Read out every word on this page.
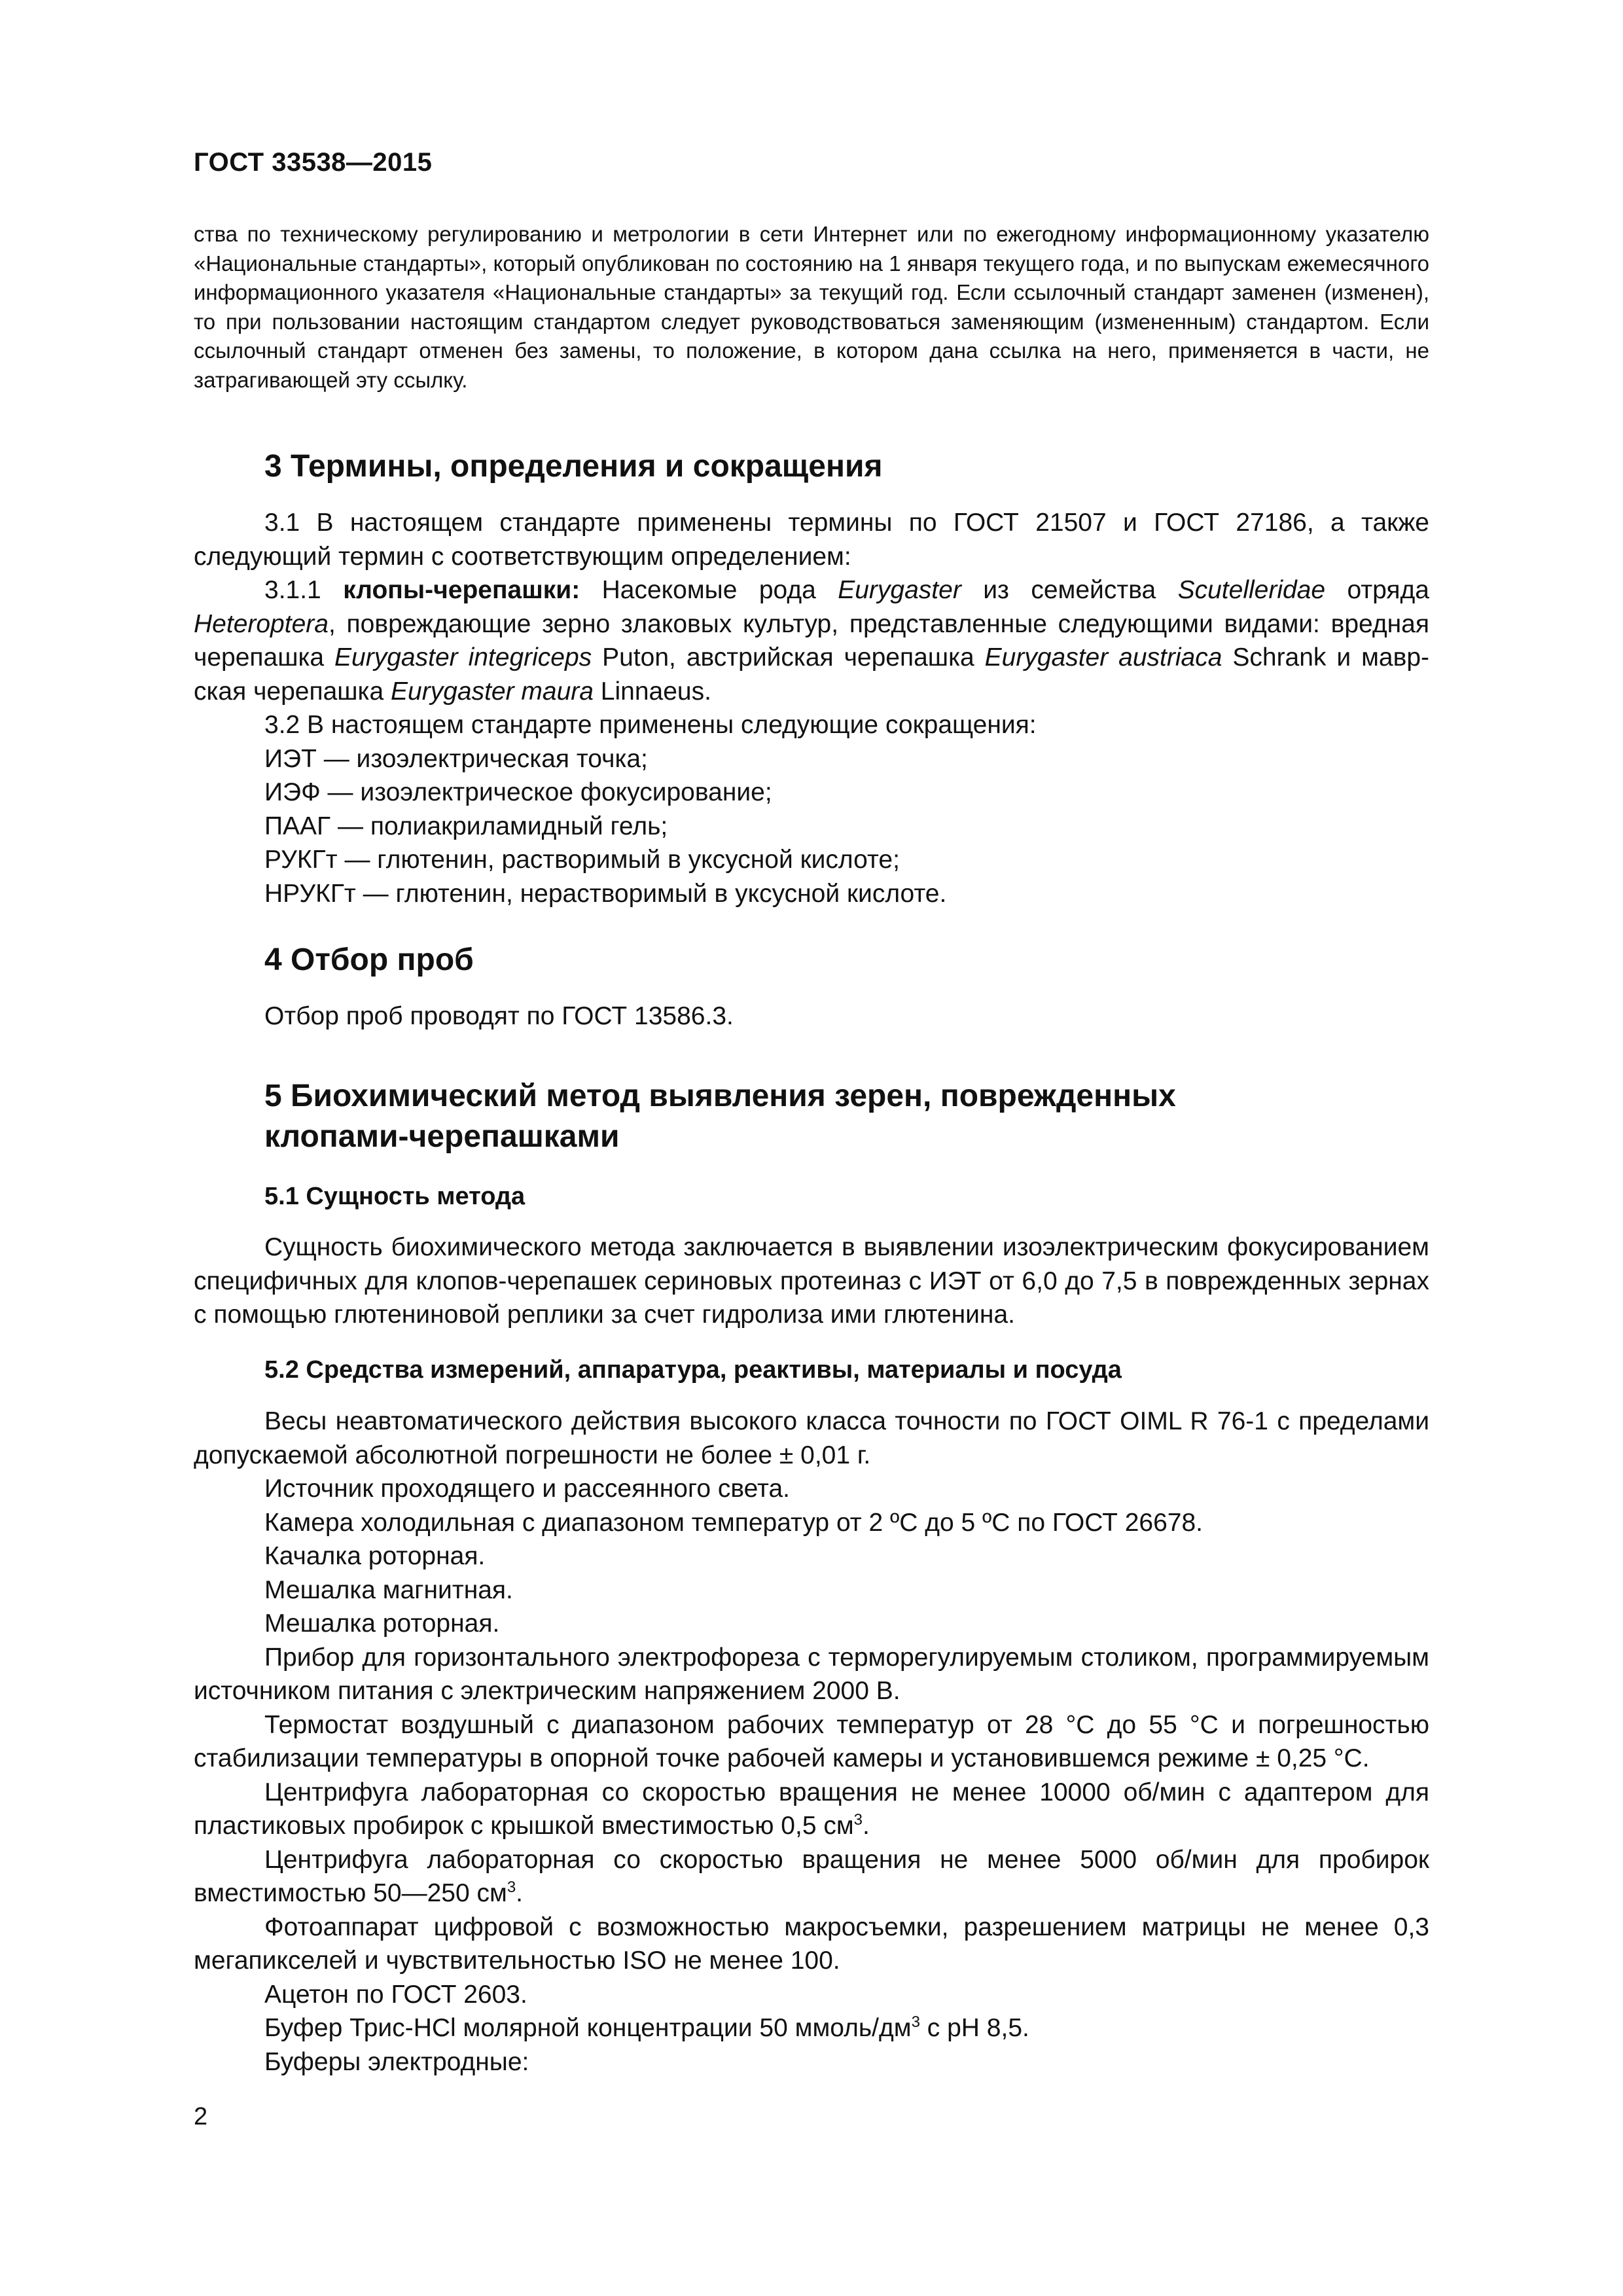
ГОСТ 33538—2015

ства по техническому регулированию и метрологии в сети Интернет или по ежегодному информационному указателю «Национальные стандарты», который опубликован по состоянию на 1 января текущего года, и по выпускам ежемесячного информационного указателя «Национальные стандарты» за текущий год. Если ссылочный стандарт заменен (изменен), то при пользовании настоящим стандартом следует руководствоваться заменяющим (измененным) стандартом. Если ссылочный стандарт отменен без замены, то положение, в котором дана ссылка на него, применяется в части, не затрагивающей эту ссылку.

3 Термины, определения и сокращения

3.1 В настоящем стандарте применены термины по ГОСТ 21507 и ГОСТ 27186, а также следующий термин с соответствующим определением:

3.1.1 клопы-черепашки: Насекомые рода Eurygaster из семейства Scutelleridae отряда Heteroptera, повреждающие зерно злаковых культур, представленные следующими видами: вредная черепашка Eurygaster integriceps Puton, австрийская черепашка Eurygaster austriaca Schrank и мавр-ская черепашка Eurygaster maura Linnaeus.

3.2 В настоящем стандарте применены следующие сокращения:

ИЭТ — изоэлектрическая точка;

ИЭФ — изоэлектрическое фокусирование;

ПААГ — полиакриламидный гель;

РУКГт — глютенин, растворимый в уксусной кислоте;

НРУКГт — глютенин, нерастворимый в уксусной кислоте.

4 Отбор проб

Отбор проб проводят по ГОСТ 13586.3.

5 Биохимический метод выявления зерен, поврежденных
клопами-черепашками
5.1 Сущность метода

Сущность биохимического метода заключается в выявлении изоэлектрическим фокусированием специфичных для клопов-черепашек сериновых протеиназ с ИЭТ от 6,0 до 7,5 в поврежденных зернах с помощью глютениновой реплики за счет гидролиза ими глютенина.

5.2 Средства измерений, аппаратура, реактивы, материалы и посуда

Весы неавтоматического действия высокого класса точности по ГОСТ OIML R 76-1 с пределами допускаемой абсолютной погрешности не более ± 0,01 г.

Источник проходящего и рассеянного света.

Камера холодильная с диапазоном температур от 2 ºС до 5 ºС по ГОСТ 26678.

Качалка роторная.

Мешалка магнитная.

Мешалка роторная.

Прибор для горизонтального электрофореза с терморегулируемым столиком, программируемым источником питания с электрическим напряжением 2000 В.

Термостат воздушный с диапазоном рабочих температур от 28 °С до 55 °С и погрешностью стабилизации температуры в опорной точке рабочей камеры и установившемся режиме ± 0,25 °С.

Центрифуга лабораторная со скоростью вращения не менее 10000 об/мин с адаптером для пластиковых пробирок с крышкой вместимостью 0,5 $см^3$.

Центрифуга лабораторная со скоростью вращения не менее 5000 об/мин для пробирок вместимостью 50—250 $см^3$.

Фотоаппарат цифровой с возможностью макросъемки, разрешением матрицы не менее 0,3 мегапикселей и чувствительностью ISO не менее 100.

Ацетон по ГОСТ 2603.

Буфер Трис-HCl молярной концентрации 50 ммоль/$дм^3$ с pH 8,5.

Буферы электродные:

2
